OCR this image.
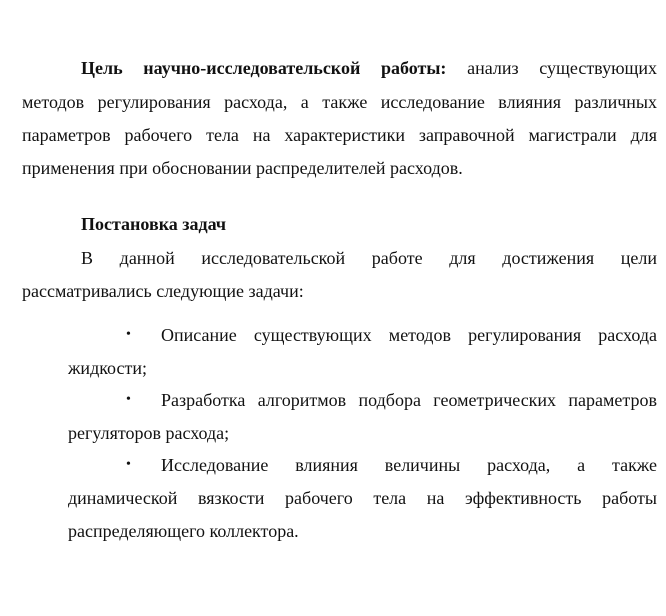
Цель научно-исследовательской работы: анализ существующих
методов регулирования расхода, а также исследование влияния различных
параметров рабочего тела на характеристики заправочной магистрали для
применения при обосновании распределителей расходов.
Постановка задач
В данной исследовательской работе для достижения цели
рассматривались следующие задачи:
• Описание существующих методов регулирования расхода
жидкости;
• Разработка алгоритмов подбора геометрических параметров
регуляторов расхода;
• Исследование влияния величины расхода, а также
динамической вязкости рабочего тела на эффективность работы
распределяющего коллектора.
